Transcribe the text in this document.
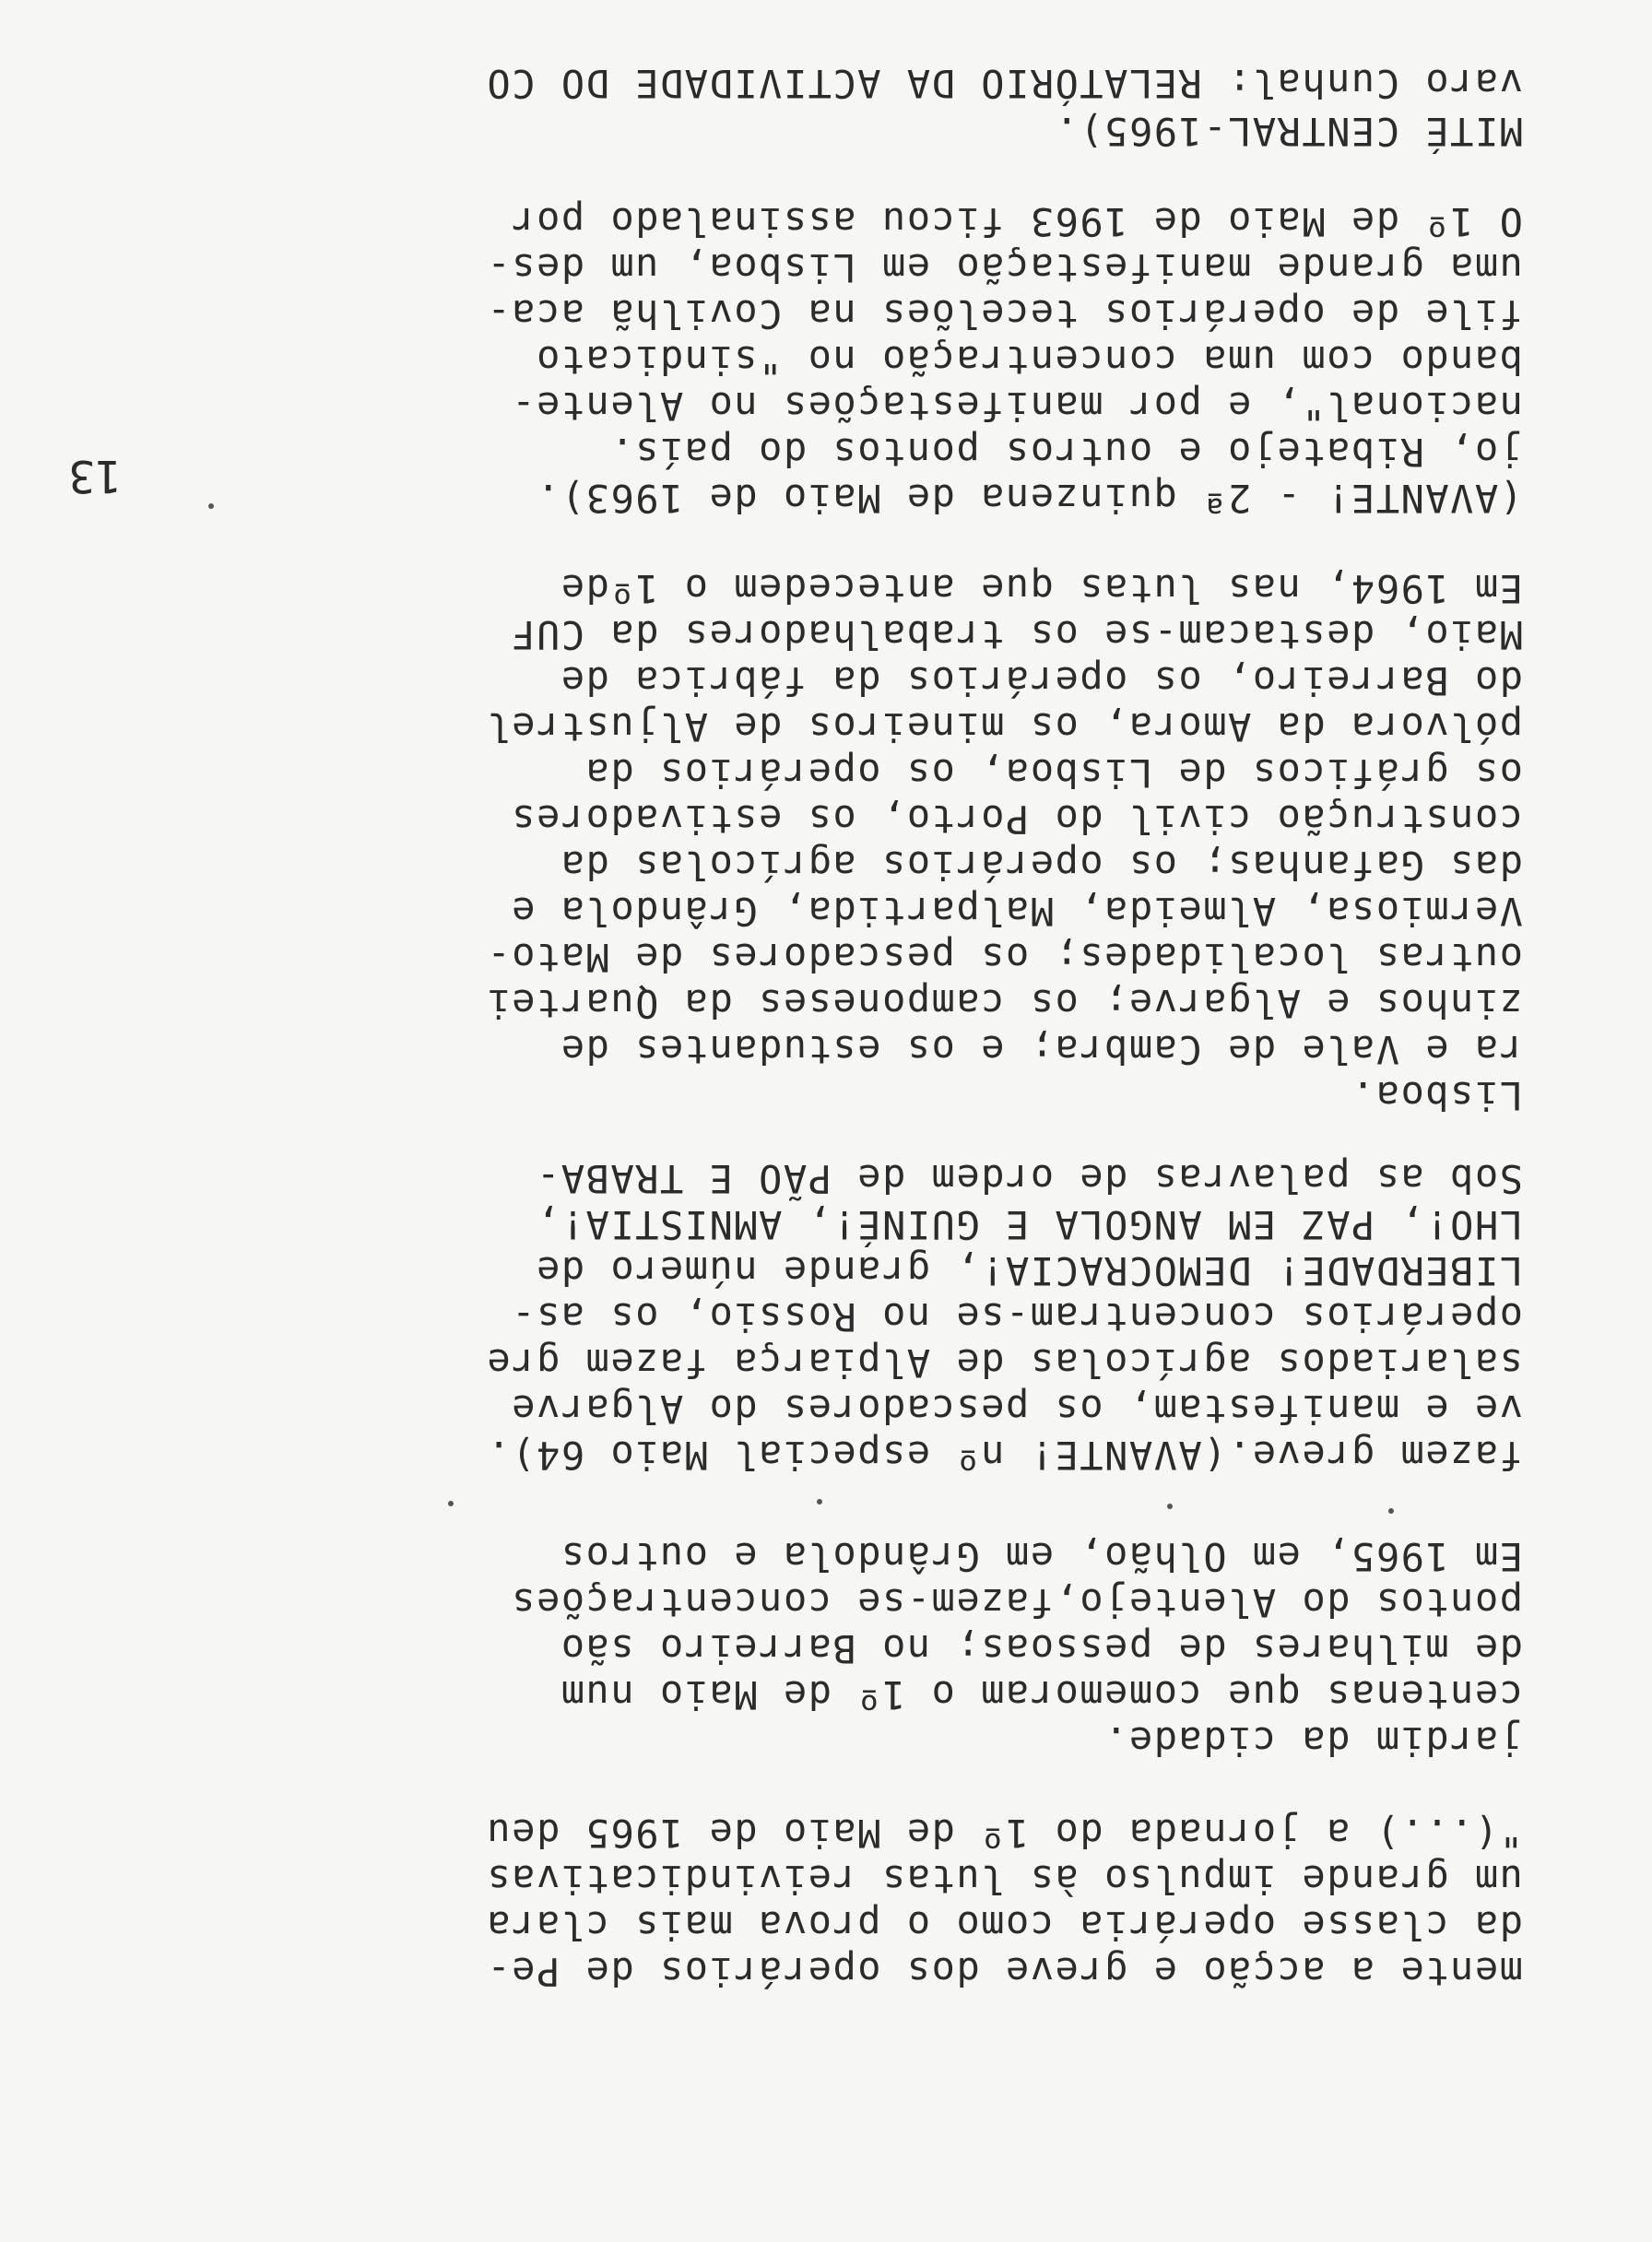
varo Cunhal: RELATÓRIO DA ACTIVIDADE DO CO
MITÉ CENTRAL-1965).
O 1º de Maio de 1963 ficou assinalado por
uma grande manifestação em Lisboa, um des-
file de operários tecelões na Covilhã aca-
bando com uma concentração no "sindicato
nacional", e por manifestações no Alente-
jo, Ribatejo e outros pontos do país.
(AVANTE! - 2ª quinzena de Maio de 1963).
Em 1964, nas lutas que antecedem o 1ºde
Maio, destacam-se os trabalhadores da CUF
do Barreiro, os operários da fábrica de
pólvora da Amora, os mineiros de Aljustrel
os gráficos de Lisboa, os operários da
construção civil do Porto, os estivadores
das Gafanhas; os operários agrícolas da
Vermiosa, Almeida, Malpartida, Grândola e
outras localidades; os pescadores de Mato-
zinhos e Algarve; os camponeses da Quartei
ra e Vale de Cambra; e os estudantes de
Lisboa.
Sob as palavras de ordem de PÃO E TRABA-
LHO!, PAZ EM ANGOLA E GUINÉ!, AMNISTIA!,
LIBERDADE! DEMOCRACIA!, grande número de
operários concentram-se no Rossio, os as-
salariados agrícolas de Alpiarça fazem gre
ve e manifestam, os pescadores do Algarve
fazem greve.(AVANTE! nº especial Maio 64).
Em 1965, em Olhão, em Grândola e outros
pontos do Alentejo,fazem-se concentrações
de milhares de pessoas; no Barreiro são
centenas que comemoram o 1º de Maio num
jardim da cidade.
"(...) a jornada do 1º de Maio de 1965 deu
um grande impulso às lutas reivindicativas
da classe operária como o prova mais clara
mente a acção e greve dos operários de Pe-
13
